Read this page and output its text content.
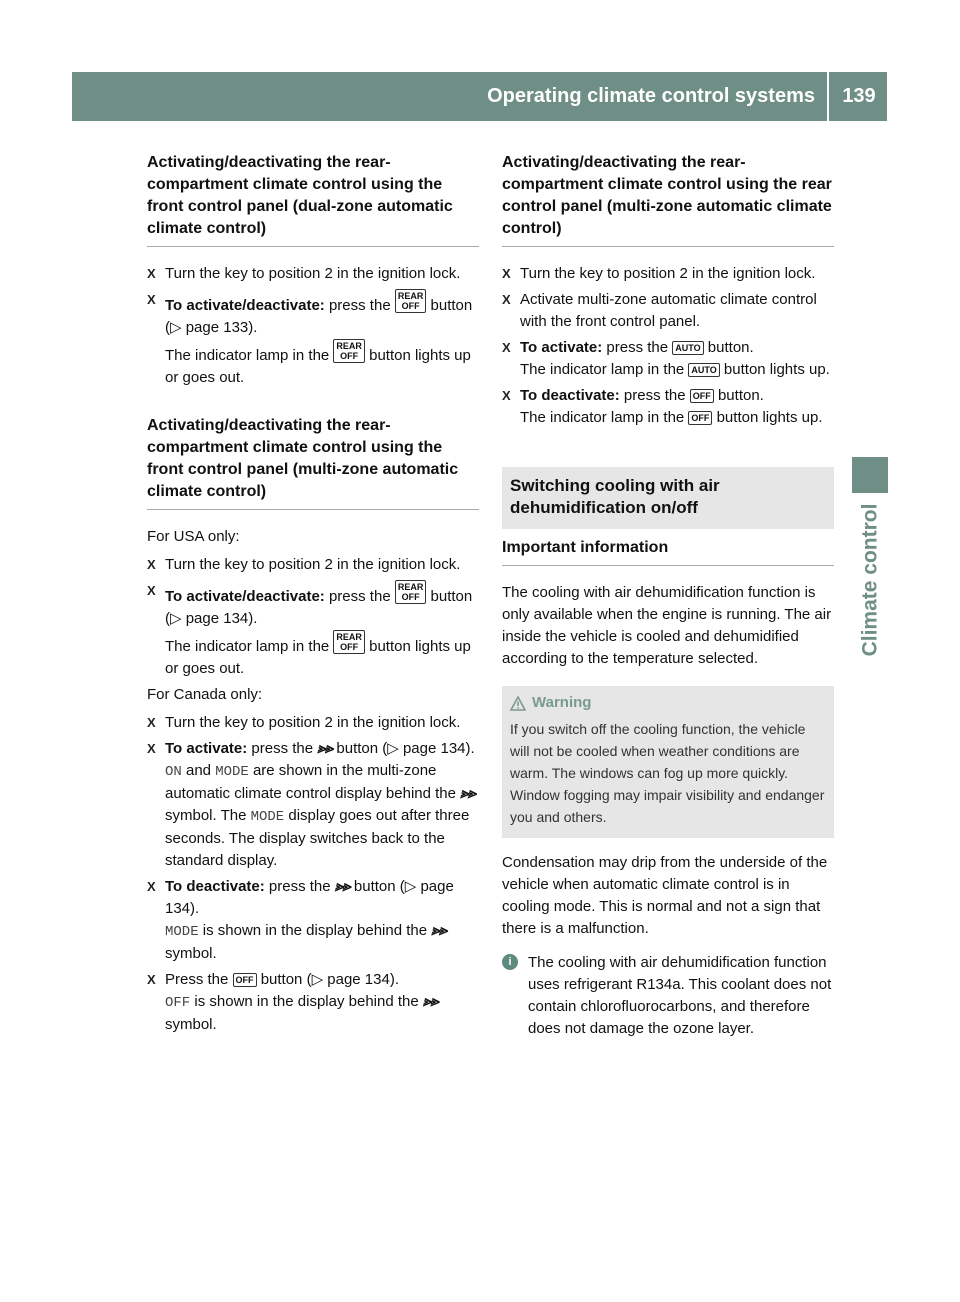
Operating climate control systems	139
Climate control
Activating/deactivating the rear-compartment climate control using the front control panel (dual-zone automatic climate control)
X Turn the key to position 2 in the ignition lock.
X To activate/deactivate: press the REAR
OFF button (▷ page 133).
The indicator lamp in the REAR
OFF button lights up or goes out.
Activating/deactivating the rear-compartment climate control using the front control panel (multi-zone automatic climate control)

For USA only:

X Turn the key to position 2 in the ignition lock.
X To activate/deactivate: press the REAR
OFF button (▷ page 134).
The indicator lamp in the REAR
OFF button lights up or goes out.

For Canada only:

X Turn the key to position 2 in the ignition lock.
X To activate: press the ⪢⪢ button (▷ page 134).
ON and MODE are shown in the multi-zone automatic climate control display behind the ⪢⪢ symbol. The MODE display goes out after three seconds. The display switches back to the standard display.
X To deactivate: press the ⪢⪢ button (▷ page 134).
MODE is shown in the display behind the ⪢⪢ symbol.
X Press the OFF button (▷ page 134).
OFF is shown in the display behind the ⪢⪢ symbol.
Activating/deactivating the rear-compartment climate control using the rear control panel (multi-zone automatic climate control)
X Turn the key to position 2 in the ignition lock.
X Activate multi-zone automatic climate control with the front control panel.
X To activate: press the AUTO button.
The indicator lamp in the AUTO button lights up.
X To deactivate: press the OFF button.
The indicator lamp in the OFF button lights up.
Switching cooling with air dehumidification on/off
Important information

The cooling with air dehumidification function is only available when the engine is running. The air inside the vehicle is cooled and dehumidified according to the temperature selected.

Warning
If you switch off the cooling function, the vehicle will not be cooled when weather conditions are warm. The windows can fog up more quickly. Window fogging may impair visibility and endanger you and others.

Condensation may drip from the underside of the vehicle when automatic climate control is in cooling mode. This is normal and not a sign that there is a malfunction.

i	The cooling with air dehumidification function uses refrigerant R134a. This coolant does not contain chlorofluorocarbons, and therefore does not damage the ozone layer.
